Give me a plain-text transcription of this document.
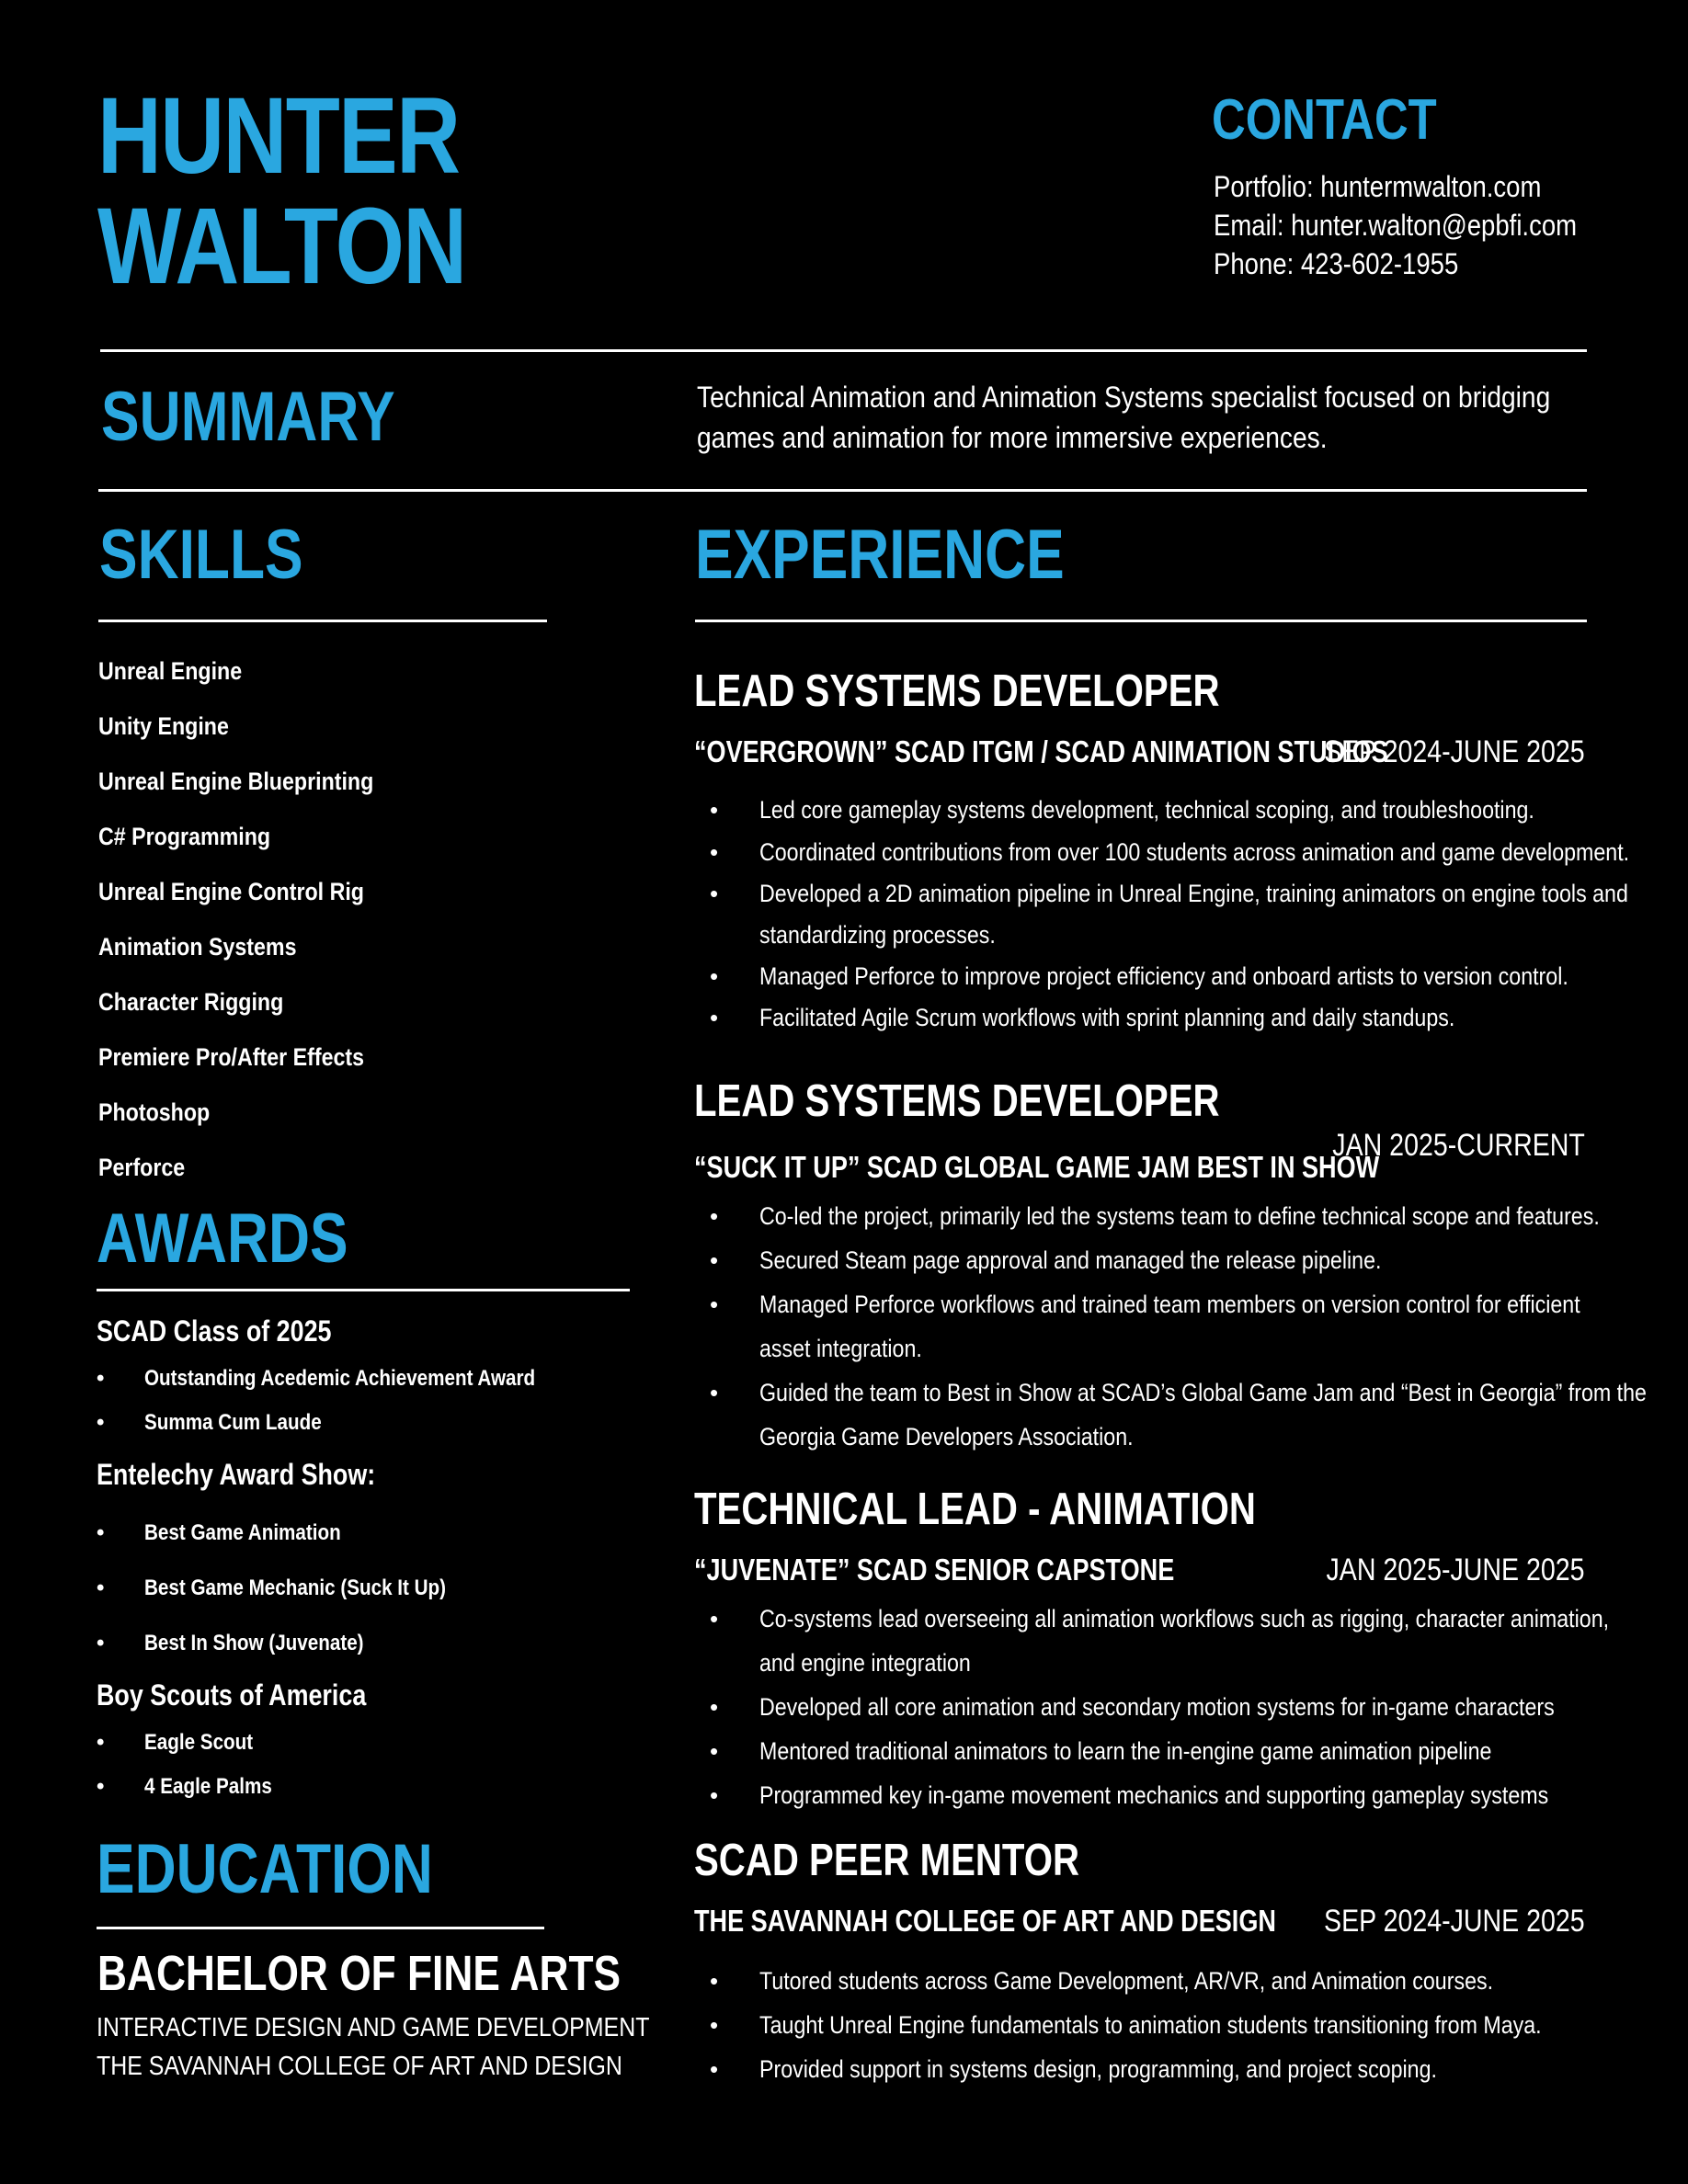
HUNTER
WALTON
CONTACT
Portfolio: huntermwalton.com
Email: hunter.walton@epbfi.com
Phone: 423-602-1955
SUMMARY	Technical Animation and Animation Systems specialist focused on bridging
games and animation for more immersive experiences.
SKILLS
Unreal Engine
Unity Engine
Unreal Engine Blueprinting
C# Programming
Unreal Engine Control Rig
Animation Systems
Character Rigging
Premiere Pro/After Effects
Photoshop
Perforce
AWARDS
SCAD Class of 2025
• Outstanding Acedemic Achievement Award
• Summa Cum Laude
Entelechy Award Show:
• Best Game Animation
• Best Game Mechanic (Suck It Up)
• Best In Show (Juvenate)
Boy Scouts of America
• Eagle Scout
• 4 Eagle Palms
EDUCATION
BACHELOR OF FINE ARTS
INTERACTIVE DESIGN AND GAME DEVELOPMENT
THE SAVANNAH COLLEGE OF ART AND DESIGN
EXPERIENCE
LEAD SYSTEMS DEVELOPER
“OVERGROWN” SCAD ITGM / SCAD ANIMATION STUDIOS
SEP 2024-JUNE 2025
• Led core gameplay systems development, technical scoping, and troubleshooting.
• Coordinated contributions from over 100 students across animation and game development.
• Developed a 2D animation pipeline in Unreal Engine, training animators on engine tools and
standardizing processes.
• Managed Perforce to improve project efficiency and onboard artists to version control.
• Facilitated Agile Scrum workflows with sprint planning and daily standups.
LEAD SYSTEMS DEVELOPER
JAN 2025-CURRENT
“SUCK IT UP” SCAD GLOBAL GAME JAM BEST IN SHOW
• Co-led the project, primarily led the systems team to define technical scope and features.
• Secured Steam page approval and managed the release pipeline.
• Managed Perforce workflows and trained team members on version control for efficient
asset integration.
• Guided the team to Best in Show at SCAD’s Global Game Jam and “Best in Georgia” from the
Georgia Game Developers Association.
TECHNICAL LEAD - ANIMATION
“JUVENATE” SCAD SENIOR CAPSTONE	JAN 2025-JUNE 2025
• Co-systems lead overseeing all animation workflows such as rigging, character animation,
and engine integration
• Developed all core animation and secondary motion systems for in-game characters
• Mentored traditional animators to learn the in-engine game animation pipeline
• Programmed key in-game movement mechanics and supporting gameplay systems
SCAD PEER MENTOR
THE SAVANNAH COLLEGE OF ART AND DESIGN SEP 2024-JUNE 2025
• Tutored students across Game Development, AR/VR, and Animation courses.
• Taught Unreal Engine fundamentals to animation students transitioning from Maya.
• Provided support in systems design, programming, and project scoping.
